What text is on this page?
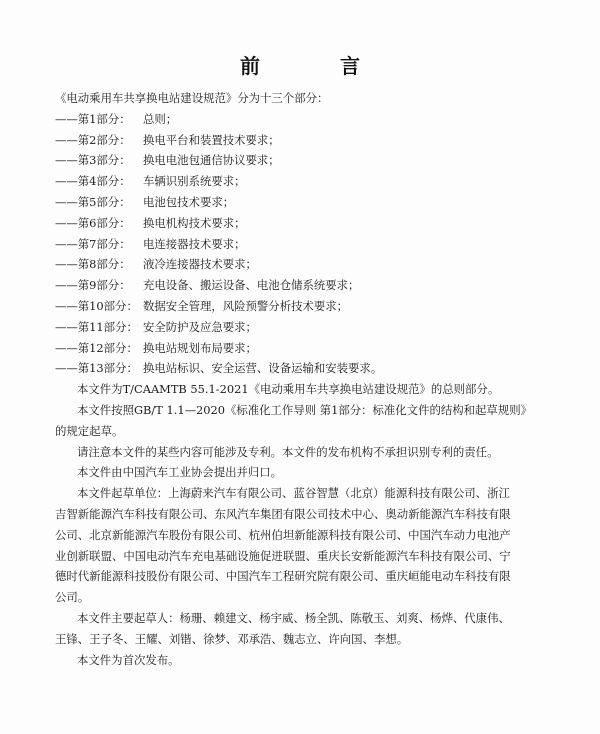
前　言
《电动乘用车共享换电站建设规范》分为十三个部分：
——第1部分： 总则；
——第2部分： 换电平台和装置技术要求；
——第3部分： 换电电池包通信协议要求；
——第4部分： 车辆识别系统要求；
——第5部分： 电池包技术要求；
——第6部分： 换电机构技术要求；
——第7部分： 电连接器技术要求；
——第8部分： 液冷连接器技术要求；
——第9部分： 充电设备、搬运设备、电池仓储系统要求；
——第10部分： 数据安全管理，风险预警分析技术要求；
——第11部分： 安全防护及应急要求；
——第12部分： 换电站规划布局要求；
——第13部分： 换电站标识、安全运营、设备运输和安装要求。
本文件为T/CAAMTB 55.1-2021《电动乘用车共享换电站建设规范》的总则部分。
本文件按照GB/T 1.1—2020《标准化工作导则 第1部分：标准化文件的结构和起草规则》
的规定起草。
请注意本文件的某些内容可能涉及专利。本文件的发布机构不承担识别专利的责任。
本文件由中国汽车工业协会提出并归口。
本文件起草单位：上海蔚来汽车有限公司、蓝谷智慧（北京）能源科技有限公司、浙江
吉智新能源汽车科技有限公司、东风汽车集团有限公司技术中心、奥动新能源汽车科技有限
公司、北京新能源汽车股份有限公司、杭州伯坦新能源科技有限公司、中国汽车动力电池产
业创新联盟、中国电动汽车充电基础设施促进联盟、重庆长安新能源汽车科技有限公司、宁
德时代新能源科技股份有限公司、中国汽车工程研究院有限公司、重庆峘能电动车科技有限
公司。
本文件主要起草人：杨珊、赖建文、杨宇威、杨全凯、陈敬玉、刘爽、杨烨、代康伟、
王锋、王子冬、王耀、刘锴、徐梦、邓承浩、魏志立、许向国、李想。
本文件为首次发布。
